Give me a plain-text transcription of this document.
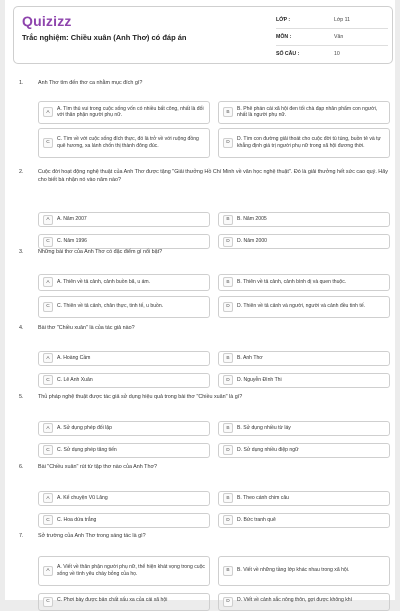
Quizizz
Trắc nghiệm: Chiều xuân (Anh Thơ) có đáp án
LỚP :	Lớp 11
MÔN :	Văn
SỐ CÂU :	10
1.	Anh Thơ tìm đến thơ ca nhằm mục đích gì?
A
A. Tìm thú vui trong cuộc sống vốn có nhiều bất công, nhất là đối với thân phận người phụ nữ.	B
B. Phê phán cái xã hội đen tối chà đạp nhân phẩm con người, nhất là người phụ nữ.
C
C. Tìm về với cuộc sống đích thực, đó là trở về với ruộng đồng quê hương, xa lánh chốn thị thành đông đúc.	D
D. Tìm con đường giải thoát cho cuộc đời tù túng, buồn tẻ và tự khẳng định giá trị người phụ nữ trong xã hội đương thời.
2.	Cuộc đời hoạt động nghệ thuật của Anh Thơ được tặng "Giải thưởng Hồ Chí Minh về văn học nghệ thuật". Đó là giải thưởng hết sức cao quý. Hãy cho biết bà nhận nó vào năm nào?
A	A. Năm 2007	B	B. Năm 2005
C	C. Năm 1996	D	D. Năm 2000
3.	Những bài thơ của Anh Thơ có đặc điểm gì nổi bật?
A	A. Thiên về tả cảnh, cảnh buồn bã, u ám.	B	B. Thiên về tả cảnh, cảnh bình dị và quen thuộc.
C	C. Thiên về tả cảnh, chân thực, tinh tế, u buồn.	D	D. Thiên về tả cảnh và người, người và cảnh đều tinh tế.
4.	Bài thơ "Chiều xuân" là của tác giả nào?
A	A. Hoàng Cầm	B	B. Anh Thơ
C	C. Lê Anh Xuân	D	D. Nguyễn Đình Thi
5.	Thủ pháp nghệ thuật được tác giả sử dụng hiệu quả trong bài thơ "Chiều xuân" là gì?
A	A. Sử dụng phép đối lập	B	B. Sử dụng nhiều từ láy
C	C. Sử dụng phép tăng tiến	D	D. Sử dụng nhiều điệp ngữ
6.	Bài "Chiều xuân" rút từ tập thơ nào của Anh Thơ?
A	A. Kể chuyện Vũ Lăng	B	B. Theo cánh chim câu
C	C. Hoa dứa trắng	D	D. Bức tranh quê
7.	Sở trường của Anh Thơ trong sáng tác là gì?
A
A. Viết về thân phận người phụ nữ, thể hiện khát vọng trong cuộc sống về tình yêu cháy bỏng của họ.	B	B. Viết về những tầng lớp khác nhau trong xã hội.
C	C. Phơi bày được bản chất xấu xa của cái xã hội	D	D. Viết về cảnh sắc nông thôn, gợi được không khí
